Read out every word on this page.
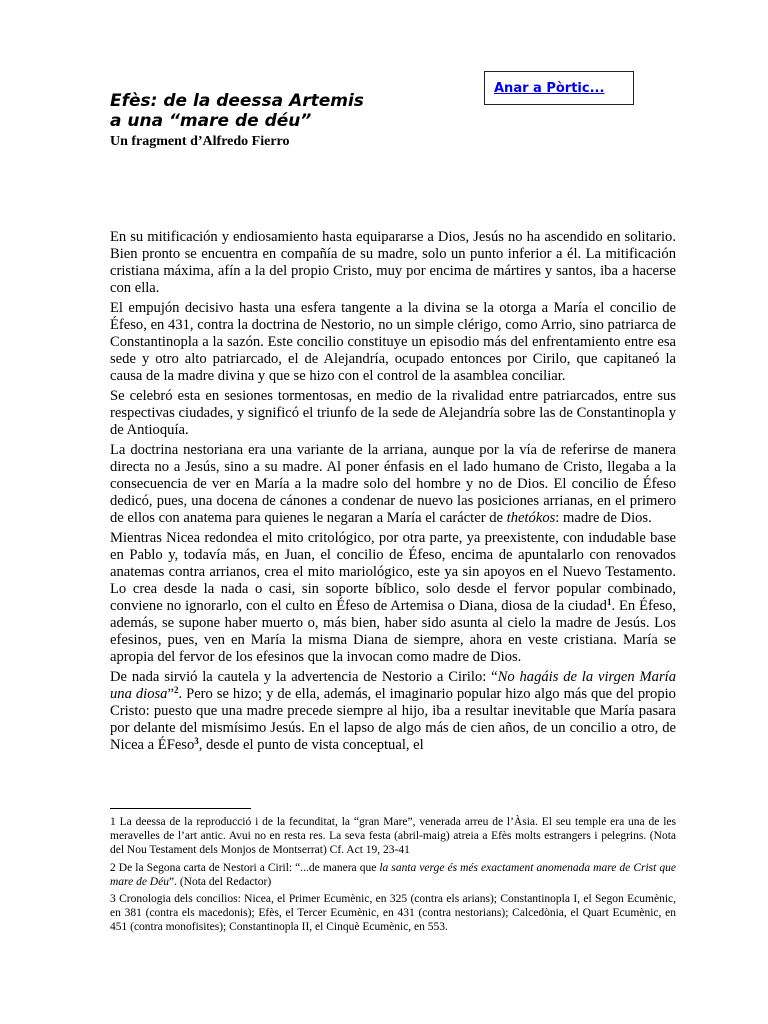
Anar a Pòrtic...
Efès: de la deessa Artemis
a una “mare de déu”

Un fragment d’Alfredo Fierro

En su mitificación y endiosamiento hasta equipararse a Dios, Jesús no ha ascendido en solitario. Bien pronto se encuentra en compañía de su madre, solo un punto inferior a él. La mitificación cristiana máxima, afín a la del propio Cristo, muy por encima de mártires y santos, iba a hacerse con ella.

El empujón decisivo hasta una esfera tangente a la divina se la otorga a María el concilio de Éfeso, en 431, contra la doctrina de Nestorio, no un simple clérigo, como Arrio, sino patriarca de Constantinopla a la sazón. Este concilio constituye un episodio más del enfrentamiento entre esa sede y otro alto patriarcado, el de Alejandría, ocupado entonces por Cirilo, que capitaneó la causa de la madre divina y que se hizo con el control de la asamblea conciliar.

Se celebró esta en sesiones tormentosas, en medio de la rivalidad entre patriarcados, entre sus respectivas ciudades, y significó el triunfo de la sede de Alejandría sobre las de Constantinopla y de Antioquía.

La doctrina nestoriana era una variante de la arriana, aunque por la vía de referirse de manera directa no a Jesús, sino a su madre. Al poner énfasis en el lado humano de Cristo, llegaba a la consecuencia de ver en María a la madre solo del hombre y no de Dios. El concilio de Éfeso dedicó, pues, una docena de cánones a condenar de nuevo las posiciones arrianas, en el primero de ellos con anatema para quienes le negaran a María el carácter de thetókos: madre de Dios.

Mientras Nicea redondea el mito critológico, por otra parte, ya preexistente, con indudable base en Pablo y, todavía más, en Juan, el concilio de Éfeso, encima de apuntalarlo con renovados anatemas contra arrianos, crea el mito mariológico, este ya sin apoyos en el Nuevo Testamento. Lo crea desde la nada o casi, sin soporte bíblico, solo desde el fervor popular combinado, conviene no ignorarlo, con el culto en Éfeso de Artemisa o Diana, diosa de la ciudad$^1$. En Éfeso, además, se supone haber muerto o, más bien, haber sido asunta al cielo la madre de Jesús. Los efesinos, pues, ven en María la misma Diana de siempre, ahora en veste cristiana. María se apropia del fervor de los efesinos que la invocan como madre de Dios.

De nada sirvió la cautela y la advertencia de Nestorio a Cirilo: “No hagáis de la virgen María una diosa”$^2$. Pero se hizo; y de ella, además, el imaginario popular hizo algo más que del propio Cristo: puesto que una madre precede siempre al hijo, iba a resultar inevitable que María pasara por delante del mismísimo Jesús. En el lapso de algo más de cien años, de un concilio a otro, de Nicea a ÉFeso$^3$, desde el punto de vista conceptual, el

1 La deessa de la reproducció i de la fecunditat, la “gran Mare”, venerada arreu de l’Àsia. El seu temple era una de les meravelles de l’art antic. Avui no en resta res. La seva festa (abril-maig) atreia a Efès molts estrangers i pelegrins. (Nota del Nou Testament dels Monjos de Montserrat) Cf. Act 19, 23-41

2 De la Segona carta de Nestori a Ciril: “...de manera que la santa verge és més exactament anomenada mare de Crist que mare de Déu”. (Nota del Redactor)

3 Cronologia dels concilios: Nicea, el Primer Ecumènic, en 325 (contra els arians); Constantinopla I, el Segon Ecumènic, en 381 (contra els macedonis); Efès, el Tercer Ecumènic, en 431 (contra nestorians); Calcedònia, el Quart Ecumènic, en 451 (contra monofisites); Constantinopla II, el Cinquè Ecumènic, en 553.
